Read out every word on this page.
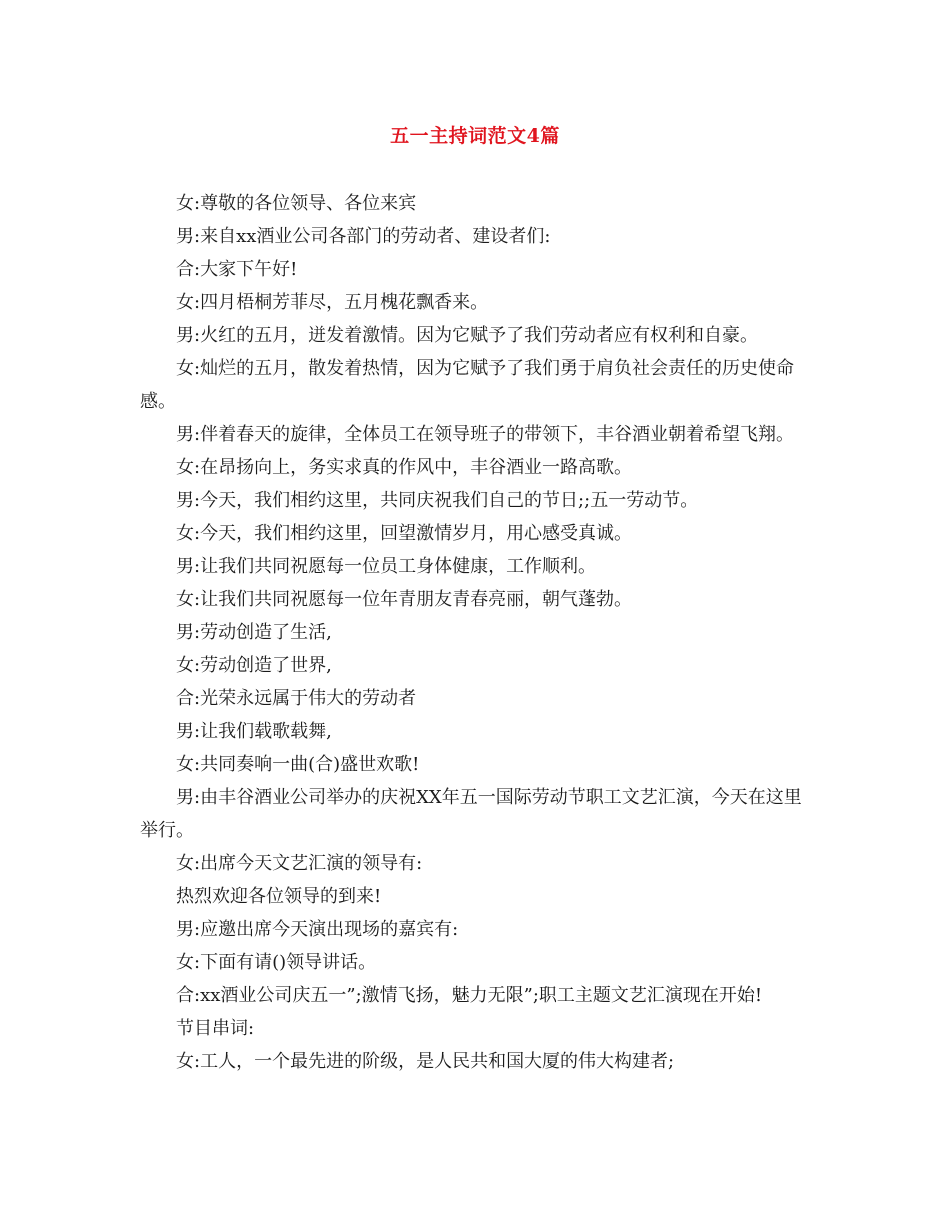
五一主持词范文4篇

女:尊敬的各位领导、各位来宾

男:来自xx酒业公司各部门的劳动者、建设者们:

合:大家下午好!

女:四月梧桐芳菲尽，五月槐花飘香来。

男:火红的五月，迸发着激情。因为它赋予了我们劳动者应有权利和自豪。

女:灿烂的五月，散发着热情，因为它赋予了我们勇于肩负社会责任的历史使命感。

男:伴着春天的旋律，全体员工在领导班子的带领下，丰谷酒业朝着希望飞翔。

女:在昂扬向上，务实求真的作风中，丰谷酒业一路高歌。

男:今天，我们相约这里，共同庆祝我们自己的节日;;五一劳动节。

女:今天，我们相约这里，回望激情岁月，用心感受真诚。

男:让我们共同祝愿每一位员工身体健康，工作顺利。

女:让我们共同祝愿每一位年青朋友青春亮丽，朝气蓬勃。

男:劳动创造了生活,

女:劳动创造了世界,

合:光荣永远属于伟大的劳动者

男:让我们载歌载舞,

女:共同奏响一曲(合)盛世欢歌!

男:由丰谷酒业公司举办的庆祝XX年五一国际劳动节职工文艺汇演，今天在这里举行。

女:出席今天文艺汇演的领导有:

热烈欢迎各位领导的到来!

男:应邀出席今天演出现场的嘉宾有:

女:下面有请()领导讲话。

合:xx酒业公司庆五一”;激情飞扬，魅力无限”;职工主题文艺汇演现在开始!

节目串词:

女:工人，一个最先进的阶级，是人民共和国大厦的伟大构建者;
